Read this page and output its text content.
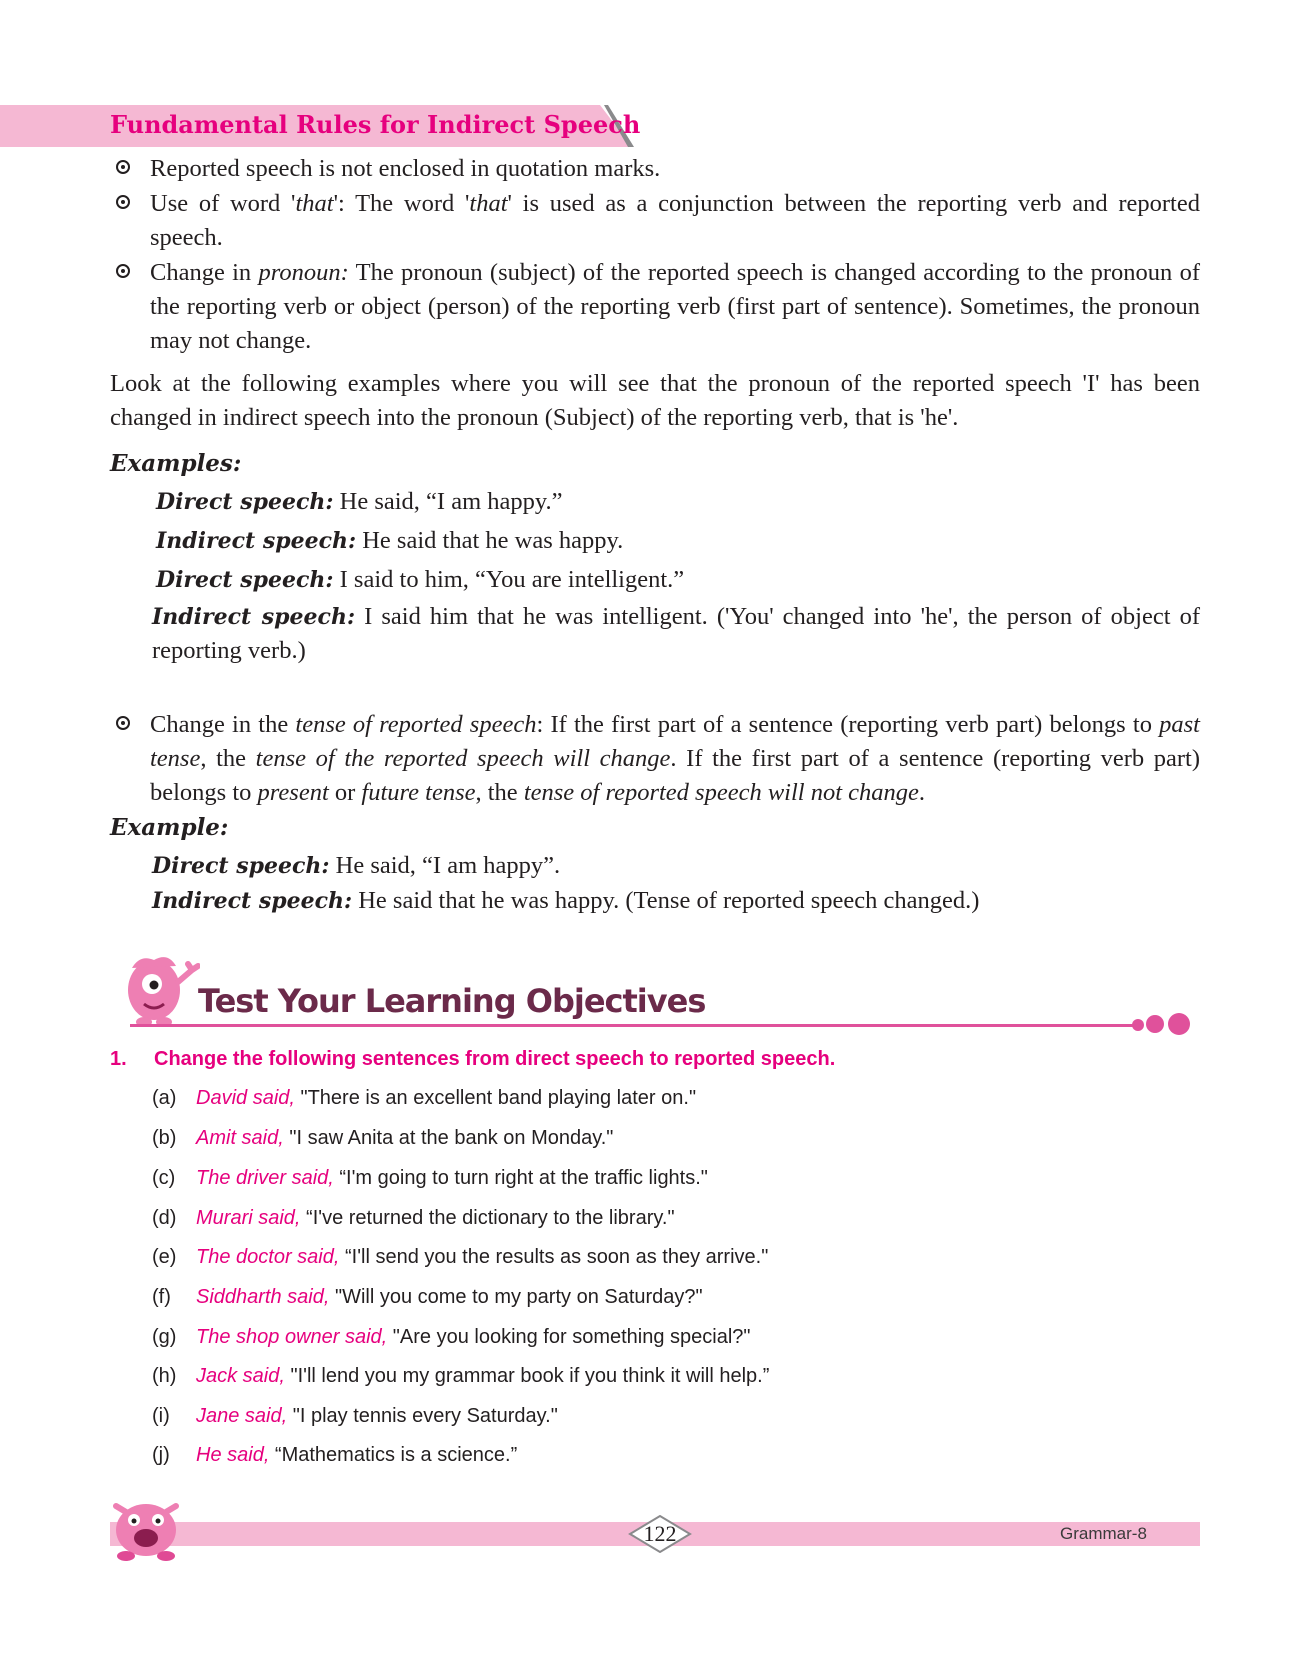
Fundamental Rules for Indirect Speech
Reported speech is not enclosed in quotation marks.
Use of word 'that': The word 'that' is used as a conjunction between the reporting verb and reported speech.
Change in pronoun: The pronoun (subject) of the reported speech is changed according to the pronoun of the reporting verb or object (person) of the reporting verb (first part of sentence). Sometimes, the pronoun may not change.
Look at the following examples where you will see that the pronoun of the reported speech 'I' has been changed in indirect speech into the pronoun (Subject) of the reporting verb, that is 'he'.
Examples:
Direct speech: He said, “I am happy.”
Indirect speech: He said that he was happy.
Direct speech: I said to him, “You are intelligent.”
Indirect speech: I said him that he was intelligent. ('You' changed into 'he', the person of object of reporting verb.)
Change in the tense of reported speech: If the first part of a sentence (reporting verb part) belongs to past tense, the tense of the reported speech will change. If the first part of a sentence (reporting verb part) belongs to present or future tense, the tense of reported speech will not change.
Example:
Direct speech: He said, “I am happy”.
Indirect speech: He said that he was happy. (Tense of reported speech changed.)
Test Your Learning Objectives
1. Change the following sentences from direct speech to reported speech.
(a) David said, "There is an excellent band playing later on."
(b) Amit said, "I saw Anita at the bank on Monday."
(c) The driver said, “I'm going to turn right at the traffic lights."
(d) Murari said, “I've returned the dictionary to the library."
(e) The doctor said, “I'll send you the results as soon as they arrive."
(f) Siddharth said, "Will you come to my party on Saturday?"
(g) The shop owner said, "Are you looking for something special?"
(h) Jack said, "I'll lend you my grammar book if you think it will help.”
(i) Jane said, "I play tennis every Saturday."
(j) He said, “Mathematics is a science.”
122	Grammar-8
